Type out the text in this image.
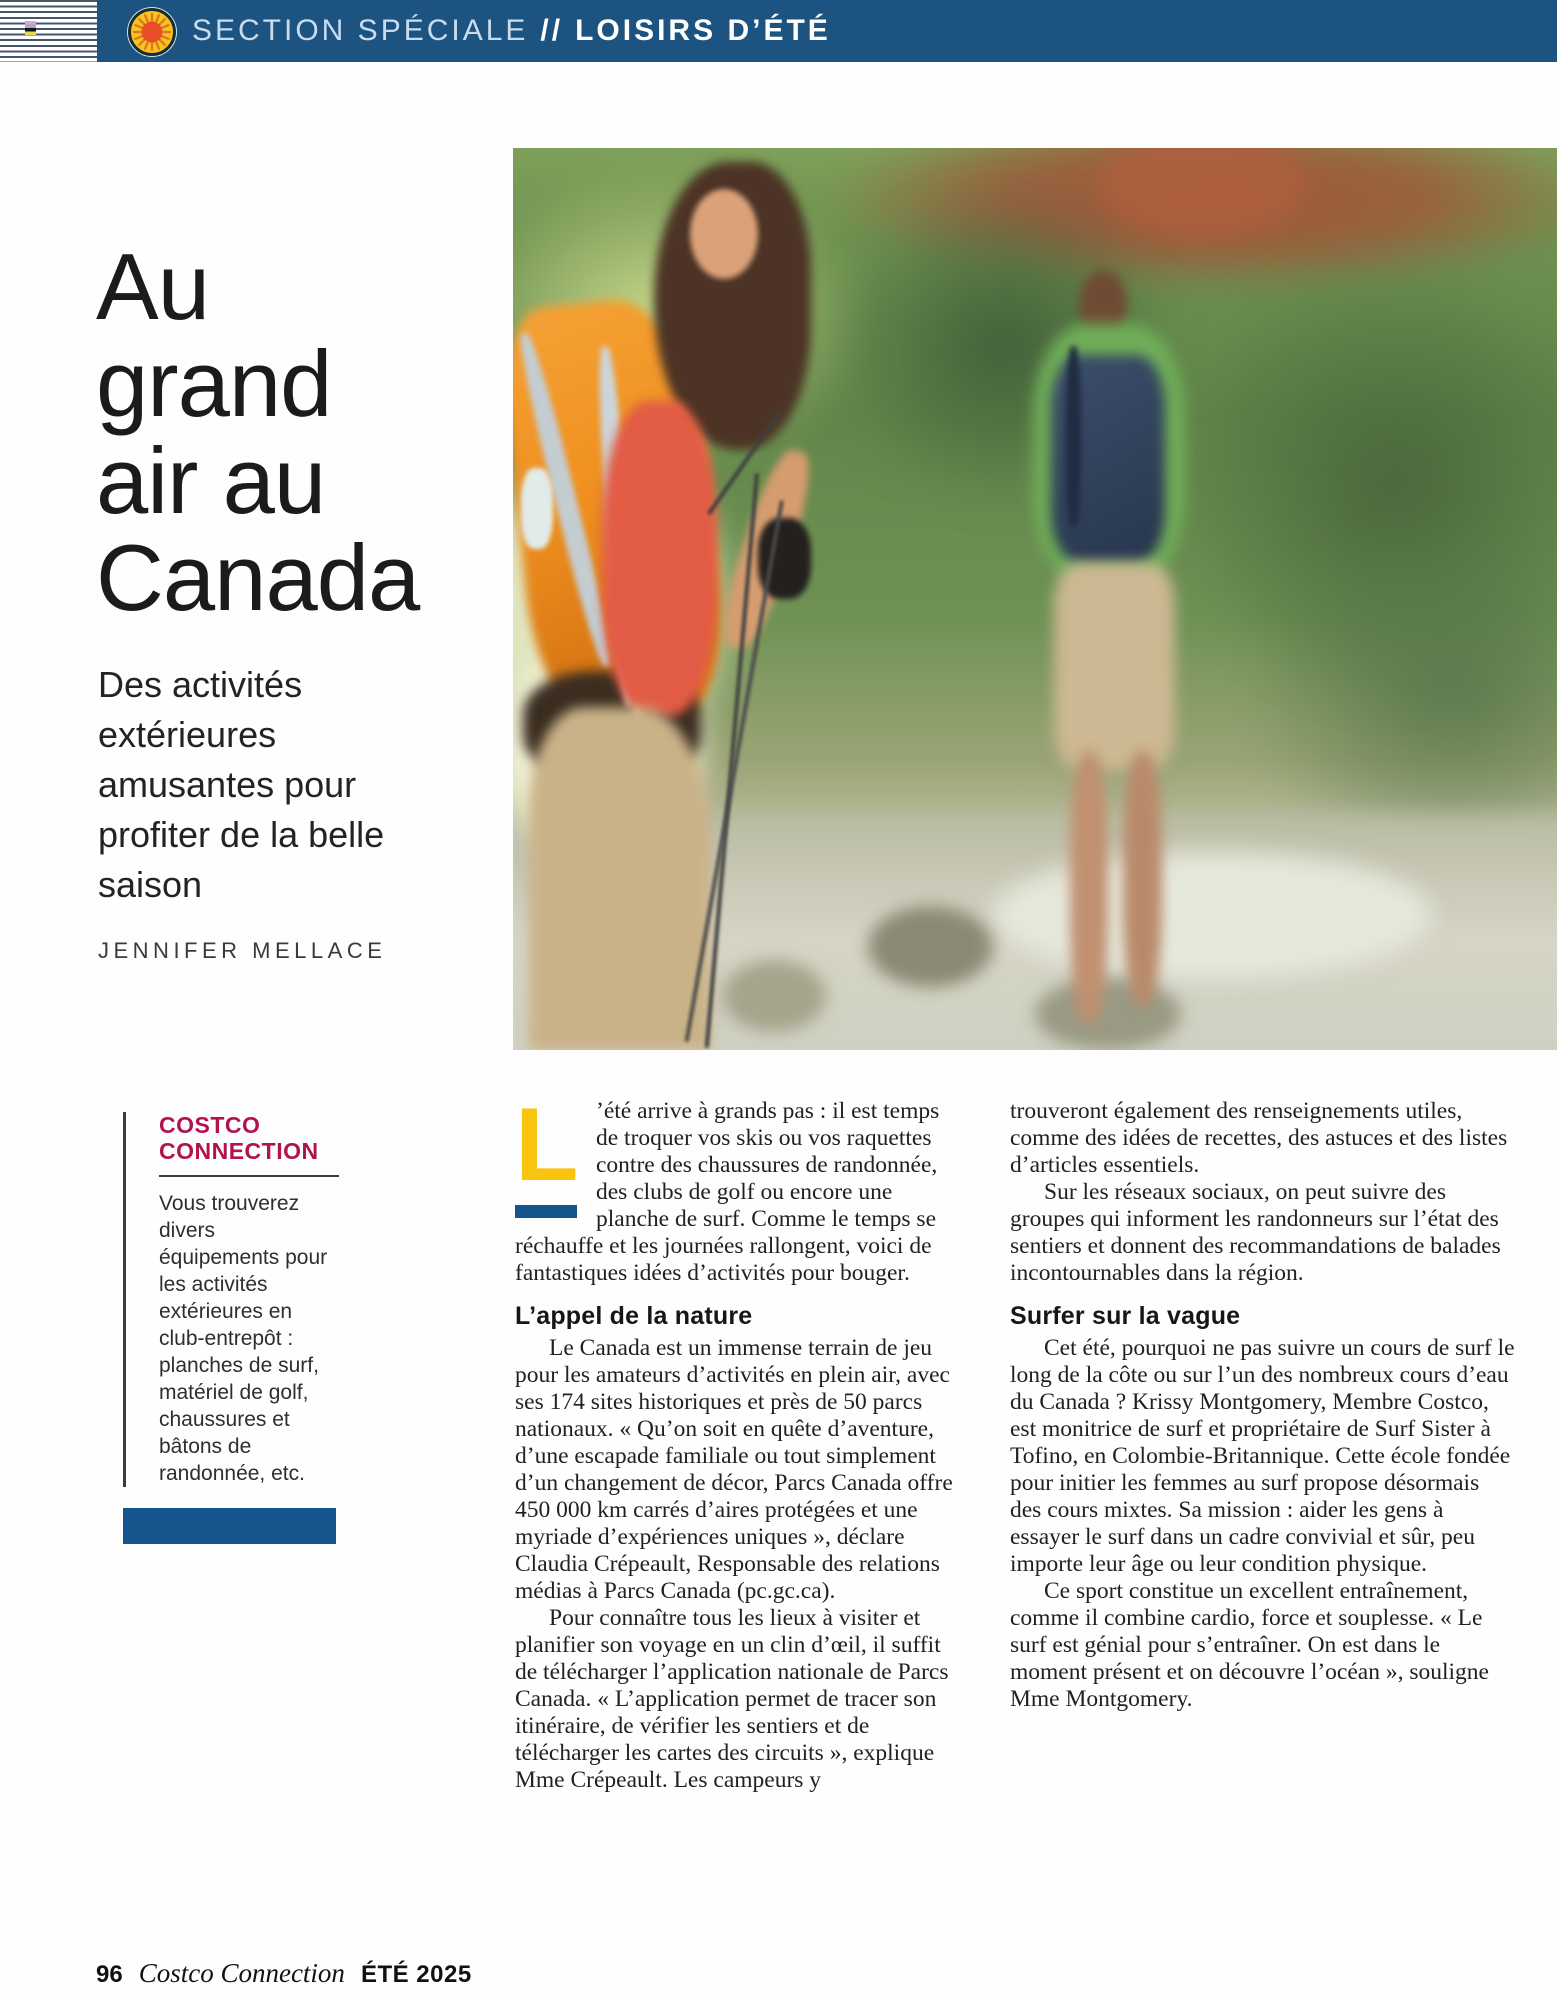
SECTION SPÉCIALE // LOISIRS D’ÉTÉ
Au
grand
air au
Canada
Des activités extérieures amusantes pour profiter de la belle saison
JENNIFER MELLACE
COSTCO
CONNECTION
Vous trouverez divers équipements pour les activités extérieures en club-entrepôt : planches de surf, matériel de golf, chaussures et bâtons de randonnée, etc.

L ’été arrive à grands pas : il est temps de troquer vos skis ou vos raquettes contre des chaussures de randonnée, des clubs de golf ou encore une planche de surf. Comme le temps se réchauffe et les journées rallongent, voici de fantastiques idées d’activités pour bouger.

L’appel de la nature

Le Canada est un immense terrain de jeu pour les amateurs d’activités en plein air, avec ses 174 sites historiques et près de 50 parcs nationaux. « Qu’on soit en quête d’aventure, d’une escapade familiale ou tout simplement d’un changement de décor, Parcs Canada offre 450 000 km carrés d’aires protégées et une myriade d’expériences uniques », déclare Claudia Crépeault, Responsable des relations médias à Parcs Canada (pc.gc.ca).

Pour connaître tous les lieux à visiter et planifier son voyage en un clin d’œil, il suffit de télécharger l’application nationale de Parcs Canada. « L’application permet de tracer son itinéraire, de vérifier les sentiers et de télécharger les cartes des circuits », explique Mme Crépeault. Les campeurs y

trouveront également des renseignements utiles, comme des idées de recettes, des astuces et des listes d’articles essentiels.

Sur les réseaux sociaux, on peut suivre des groupes qui informent les randonneurs sur l’état des sentiers et donnent des recommandations de balades incontournables dans la région.

Surfer sur la vague

Cet été, pourquoi ne pas suivre un cours de surf le long de la côte ou sur l’un des nombreux cours d’eau du Canada ? Krissy Montgomery, Membre Costco, est monitrice de surf et propriétaire de Surf Sister à Tofino, en Colombie-Britannique. Cette école fondée pour initier les femmes au surf propose désormais des cours mixtes. Sa mission : aider les gens à essayer le surf dans un cadre convivial et sûr, peu importe leur âge ou leur condition physique.

Ce sport constitue un excellent entraînement, comme il combine cardio, force et souplesse. « Le surf est génial pour s’entraîner. On est dans le moment présent et on découvre l’océan », souligne Mme Montgomery.

96 Costco Connection ÉTÉ 2025
